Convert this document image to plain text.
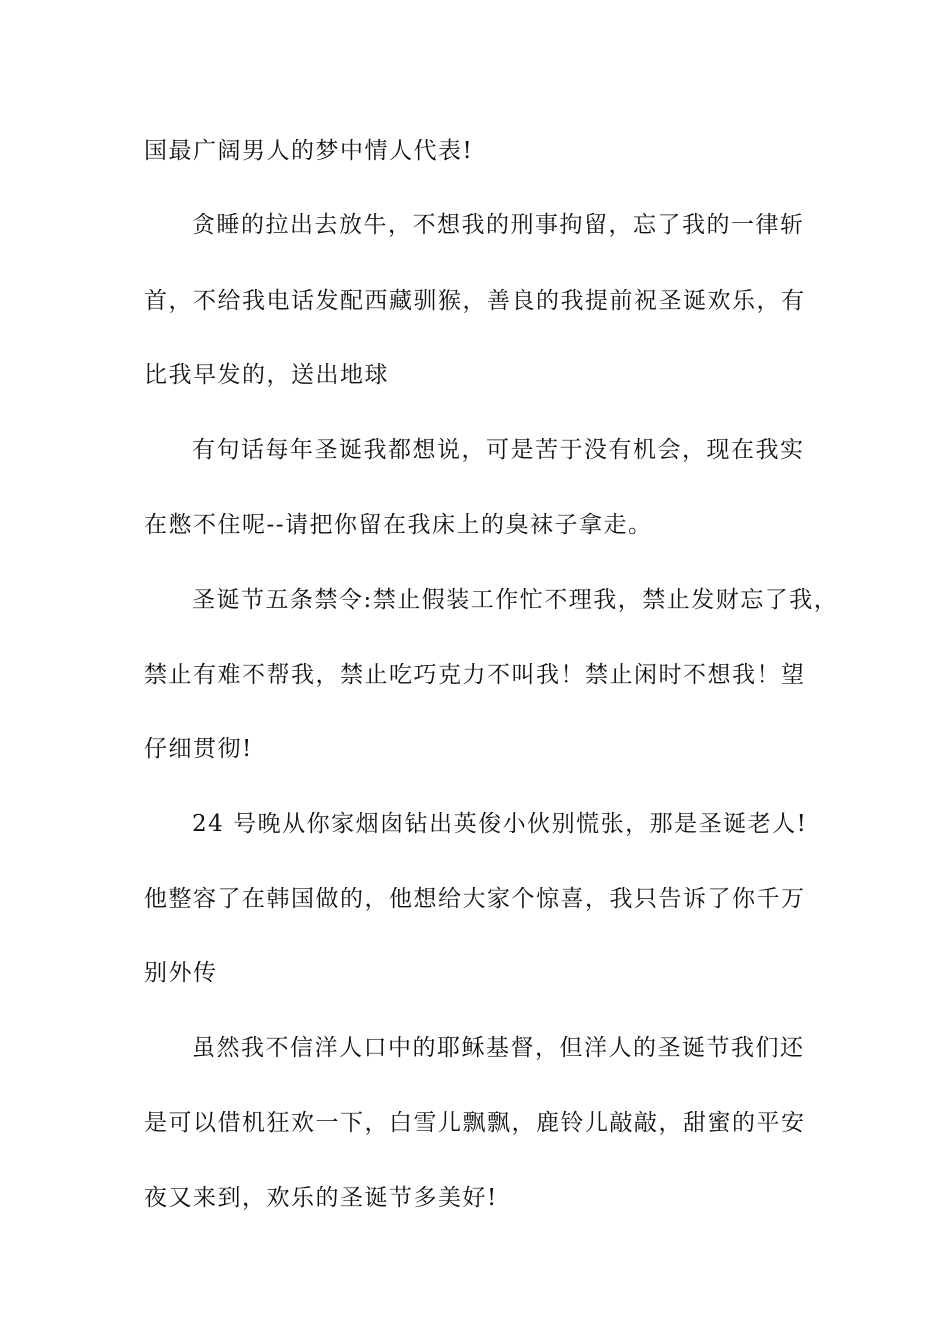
国最广阔男人的梦中情人代表!
贪睡的拉出去放牛，不想我的刑事拘留，忘了我的一律斩
首，不给我电话发配西藏驯猴，善良的我提前祝圣诞欢乐，有
比我早发的，送出地球
有句话每年圣诞我都想说，可是苦于没有机会，现在我实
在憋不住呢--请把你留在我床上的臭袜子拿走。
圣诞节五条禁令:禁止假装工作忙不理我，禁止发财忘了我，
禁止有难不帮我，禁止吃巧克力不叫我！禁止闲时不想我！望
仔细贯彻!
24 号晚从你家烟囱钻出英俊小伙别慌张，那是圣诞老人!
他整容了在韩国做的，他想给大家个惊喜，我只告诉了你千万
别外传
虽然我不信洋人口中的耶稣基督，但洋人的圣诞节我们还
是可以借机狂欢一下，白雪儿飘飘，鹿铃儿敲敲，甜蜜的平安
夜又来到，欢乐的圣诞节多美好!
